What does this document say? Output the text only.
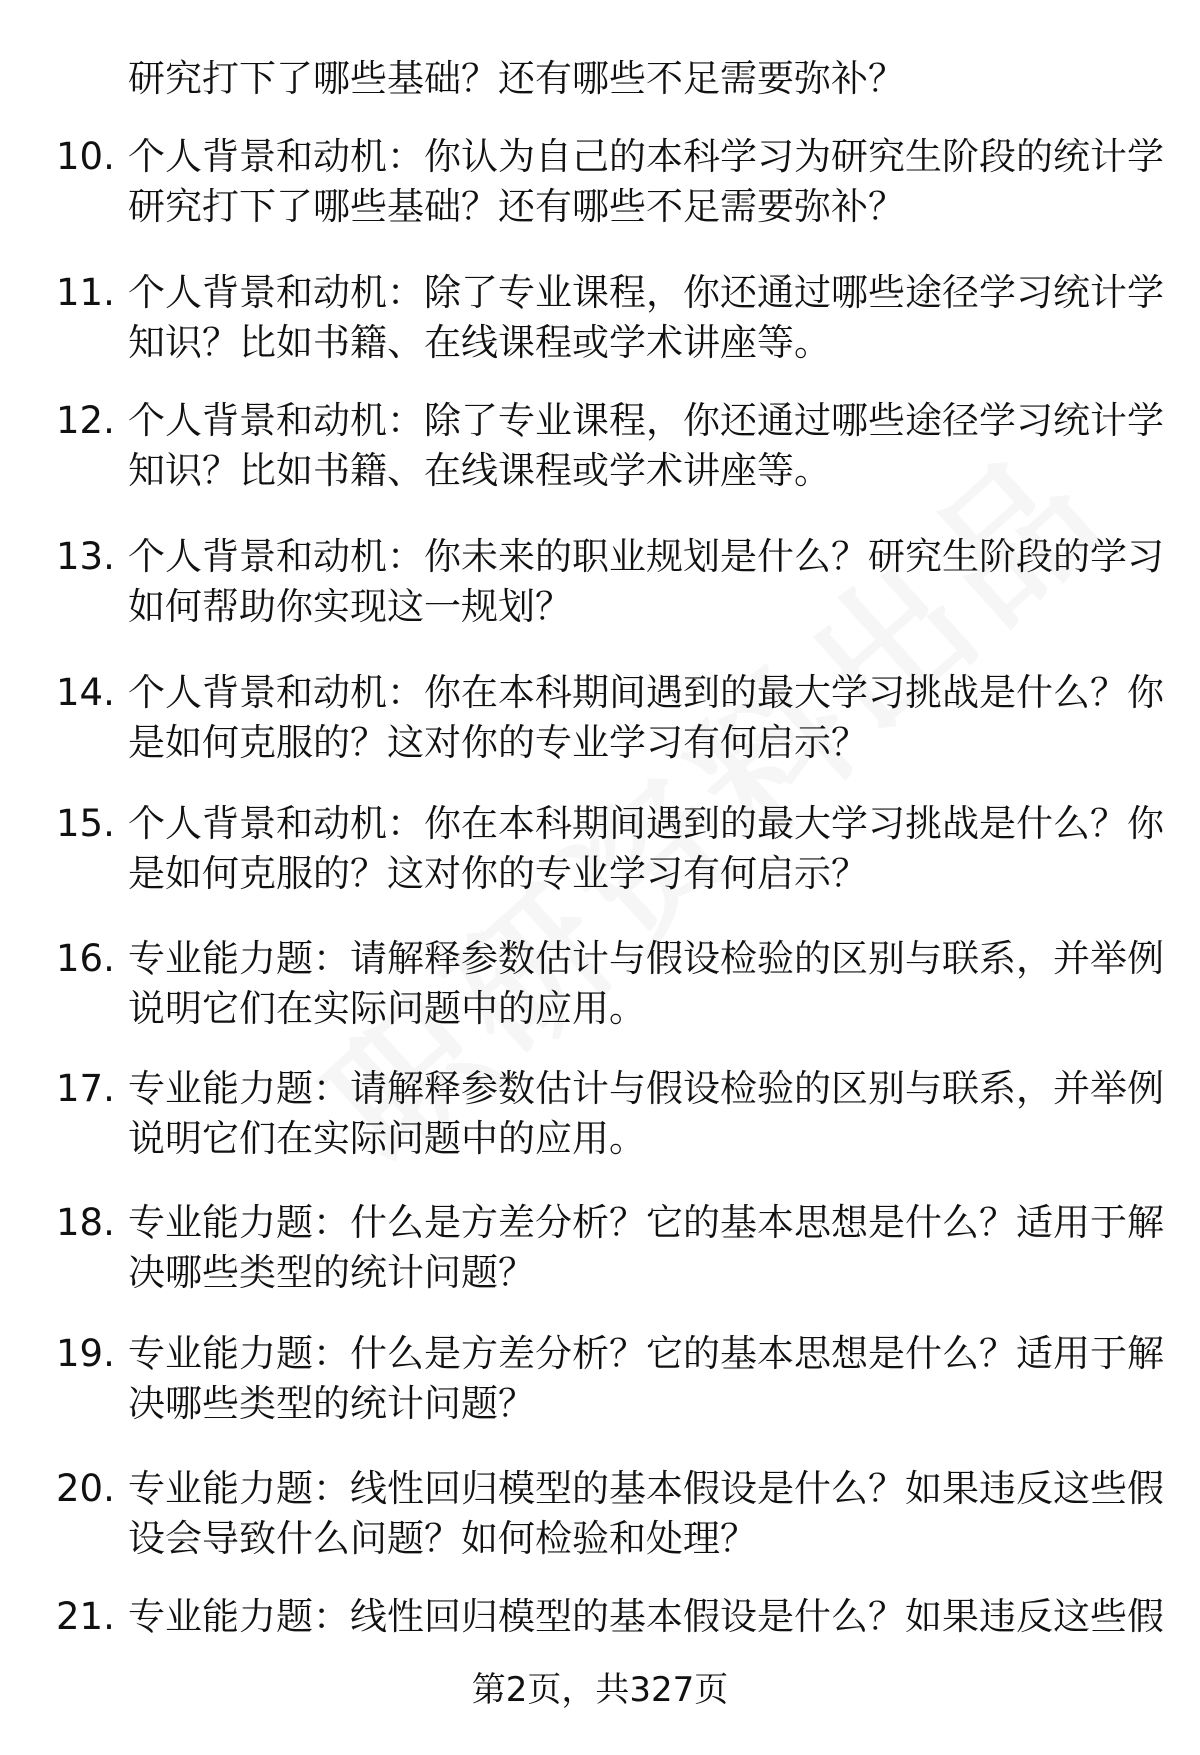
研究打下了哪些基础？还有哪些不足需要弥补？
10. 个人背景和动机：你认为自己的本科学习为研究生阶段的统计学
研究打下了哪些基础？还有哪些不足需要弥补？
11. 个人背景和动机：除了专业课程，你还通过哪些途径学习统计学
知识？比如书籍、在线课程或学术讲座等。
12. 个人背景和动机：除了专业课程，你还通过哪些途径学习统计学
知识？比如书籍、在线课程或学术讲座等。
13. 个人背景和动机：你未来的职业规划是什么？研究生阶段的学习
如何帮助你实现这一规划？
14. 个人背景和动机：你在本科期间遇到的最大学习挑战是什么？你
是如何克服的？这对你的专业学习有何启示？
15. 个人背景和动机：你在本科期间遇到的最大学习挑战是什么？你
是如何克服的？这对你的专业学习有何启示？
16. 专业能力题：请解释参数估计与假设检验的区别与联系，并举例
说明它们在实际问题中的应用。
17. 专业能力题：请解释参数估计与假设检验的区别与联系，并举例
说明它们在实际问题中的应用。
18. 专业能力题：什么是方差分析？它的基本思想是什么？适用于解
决哪些类型的统计问题？
19. 专业能力题：什么是方差分析？它的基本思想是什么？适用于解
决哪些类型的统计问题？
20. 专业能力题：线性回归模型的基本假设是什么？如果违反这些假
设会导致什么问题？如何检验和处理？
21. 专业能力题：线性回归模型的基本假设是什么？如果违反这些假
第2页，共327页
